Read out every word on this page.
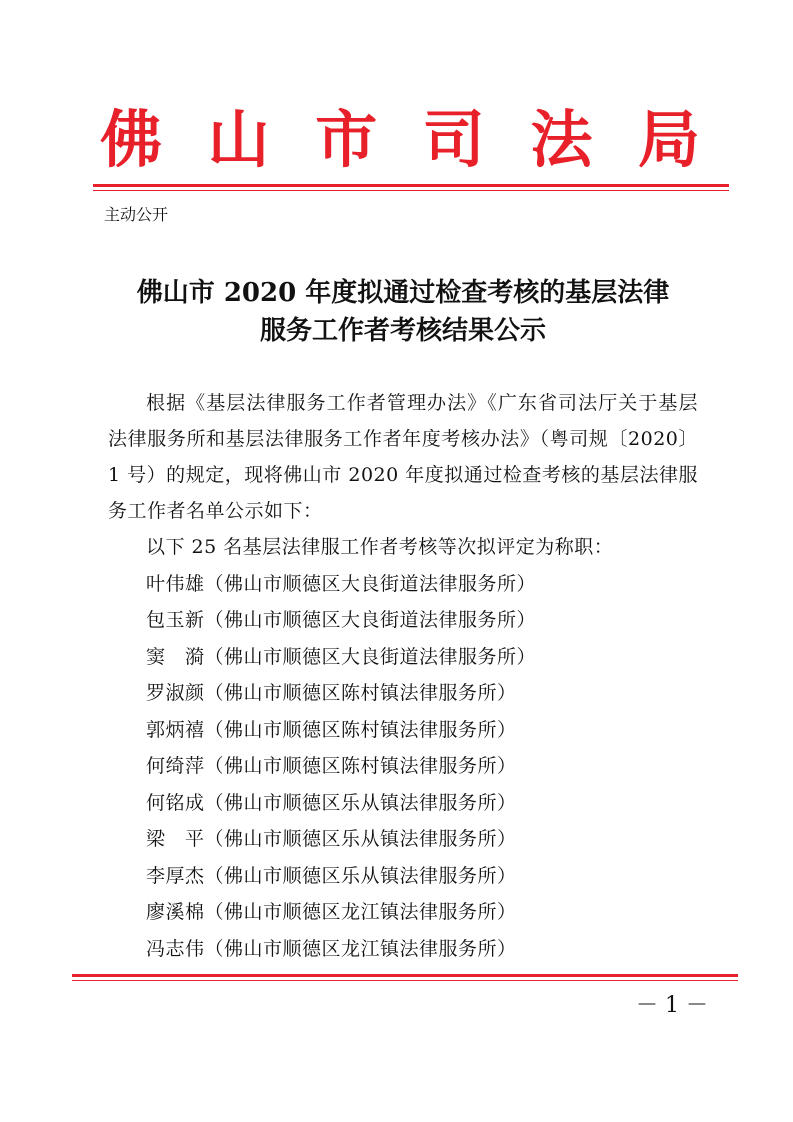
佛 山 市 司 法 局
主动公开
佛山市 2020 年度拟通过检查考核的基层法律
服务工作者考核结果公示

根据《基层法律服务工作者管理办法》《广东省司法厅关于基层法律服务所和基层法律服务工作者年度考核办法》（粤司规〔2020〕1 号）的规定，现将佛山市 2020 年度拟通过检查考核的基层法律服务工作者名单公示如下：

以下 25 名基层法律服工作者考核等次拟评定为称职：

叶伟雄（佛山市顺德区大良街道法律服务所）

包玉新（佛山市顺德区大良街道法律服务所）

窦　漪（佛山市顺德区大良街道法律服务所）

罗淑颜（佛山市顺德区陈村镇法律服务所）

郭炳禧（佛山市顺德区陈村镇法律服务所）

何绮萍（佛山市顺德区陈村镇法律服务所）

何铭成（佛山市顺德区乐从镇法律服务所）

梁　平（佛山市顺德区乐从镇法律服务所）

李厚杰（佛山市顺德区乐从镇法律服务所）

廖溪棉（佛山市顺德区龙江镇法律服务所）

冯志伟（佛山市顺德区龙江镇法律服务所）

－ 1 －
